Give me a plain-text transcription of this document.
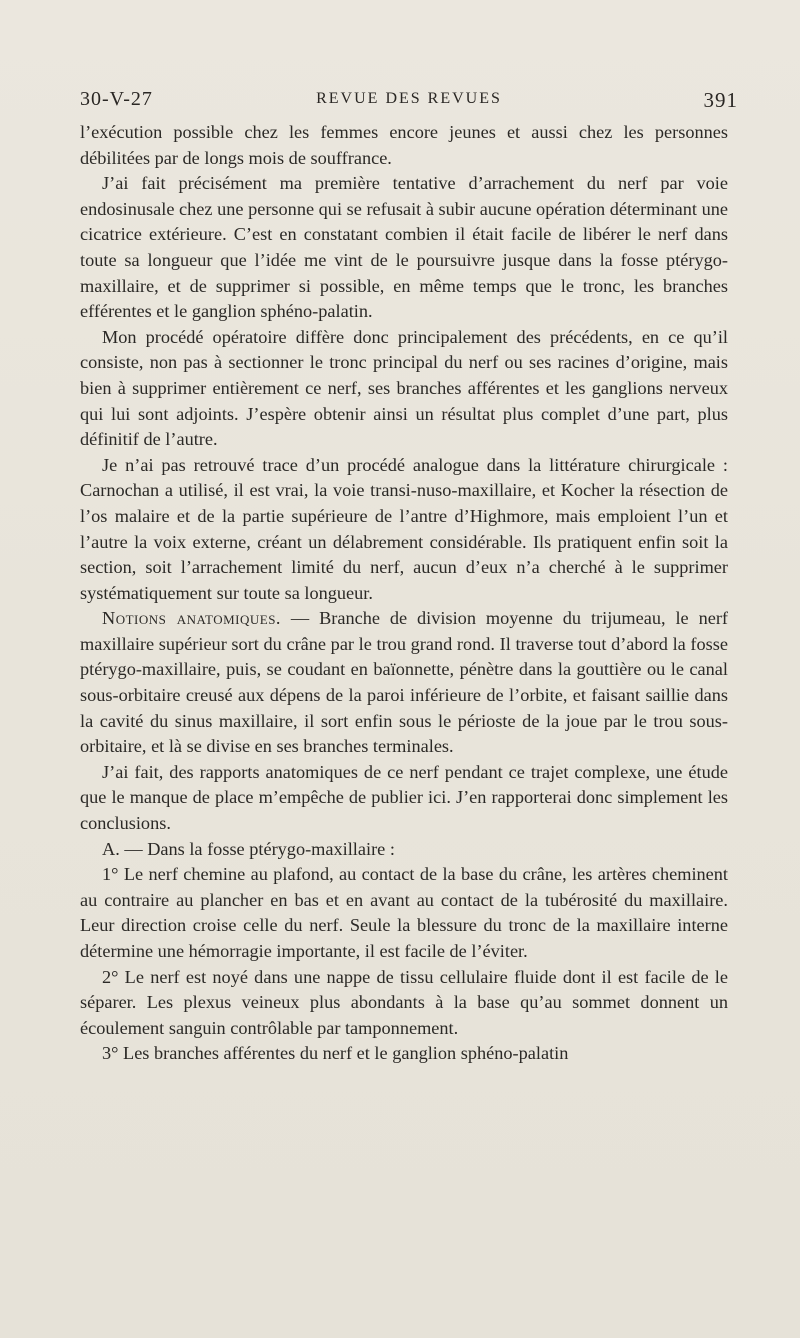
30-V-27	REVUE DES REVUES	391

l’exécution possible chez les femmes encore jeunes et aussi chez les personnes débilitées par de longs mois de souffrance.

J’ai fait précisément ma première tentative d’arrachement du nerf par voie endosinusale chez une personne qui se refusait à subir aucune opération déterminant une cicatrice extérieure. C’est en constatant combien il était facile de libérer le nerf dans toute sa longueur que l’idée me vint de le poursuivre jusque dans la fosse ptérygo-maxillaire, et de supprimer si possible, en même temps que le tronc, les branches efférentes et le ganglion sphéno-palatin.

Mon procédé opératoire diffère donc principalement des précédents, en ce qu’il consiste, non pas à sectionner le tronc principal du nerf ou ses racines d’origine, mais bien à supprimer entièrement ce nerf, ses branches afférentes et les ganglions nerveux qui lui sont adjoints. J’espère obtenir ainsi un résultat plus complet d’une part, plus définitif de l’autre.

Je n’ai pas retrouvé trace d’un procédé analogue dans la littérature chirurgicale : Carnochan a utilisé, il est vrai, la voie transi-nuso-maxillaire, et Kocher la résection de l’os malaire et de la partie supérieure de l’antre d’Highmore, mais emploient l’un et l’autre la voix externe, créant un délabrement considérable. Ils pratiquent enfin soit la section, soit l’arrachement limité du nerf, aucun d’eux n’a cherché à le supprimer systématiquement sur toute sa longueur.

Notions anatomiques. — Branche de division moyenne du trijumeau, le nerf maxillaire supérieur sort du crâne par le trou grand rond. Il traverse tout d’abord la fosse ptérygo-maxillaire, puis, se coudant en baïonnette, pénètre dans la gouttière ou le canal sous-orbitaire creusé aux dépens de la paroi inférieure de l’orbite, et faisant saillie dans la cavité du sinus maxillaire, il sort enfin sous le périoste de la joue par le trou sous-orbitaire, et là se divise en ses branches terminales.

J’ai fait, des rapports anatomiques de ce nerf pendant ce trajet complexe, une étude que le manque de place m’empêche de publier ici. J’en rapporterai donc simplement les conclusions.

A. — Dans la fosse ptérygo-maxillaire :

1° Le nerf chemine au plafond, au contact de la base du crâne, les artères cheminent au contraire au plancher en bas et en avant au contact de la tubérosité du maxillaire. Leur direction croise celle du nerf. Seule la blessure du tronc de la maxillaire interne détermine une hémorragie importante, il est facile de l’éviter.

2° Le nerf est noyé dans une nappe de tissu cellulaire fluide dont il est facile de le séparer. Les plexus veineux plus abondants à la base qu’au sommet donnent un écoulement sanguin contrôlable par tamponnement.

3° Les branches afférentes du nerf et le ganglion sphéno-palatin
